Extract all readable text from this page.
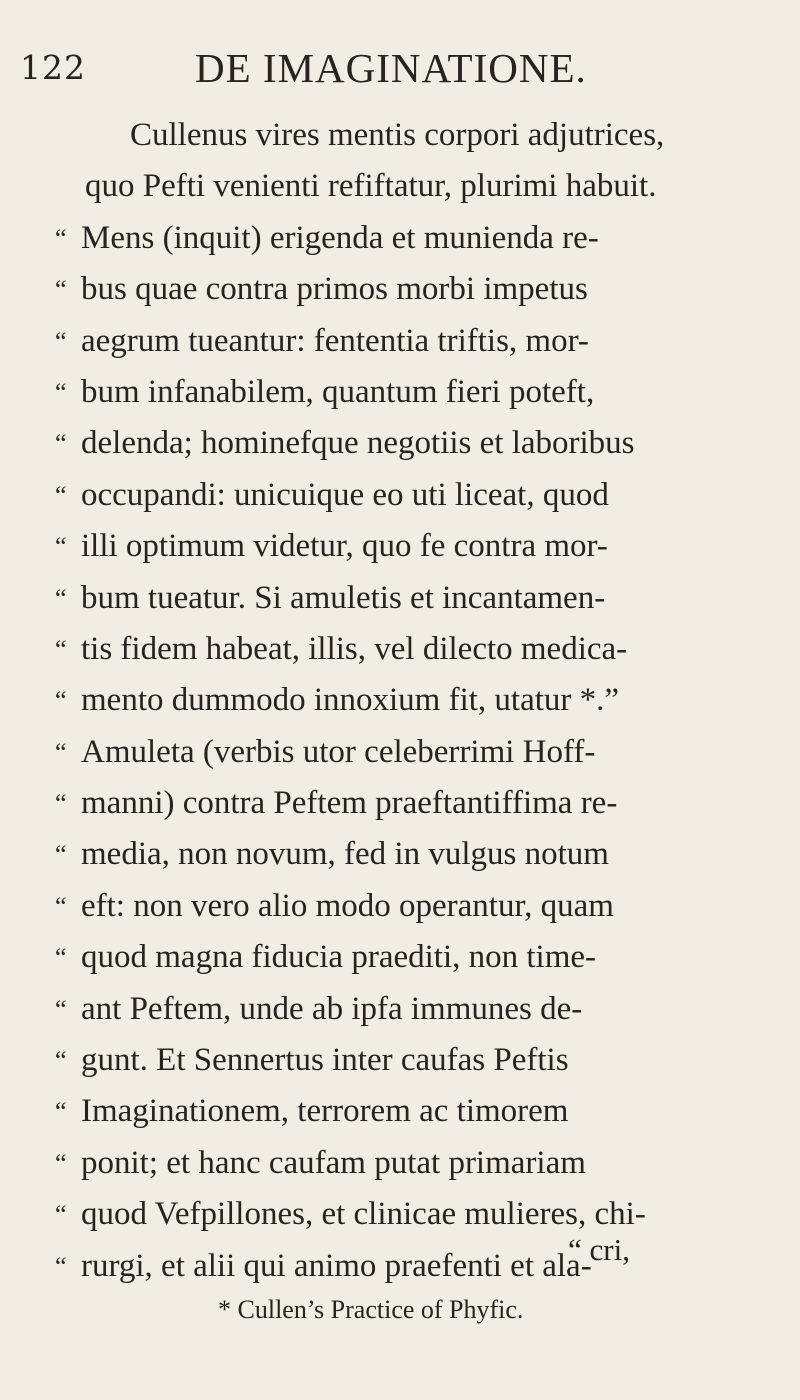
122	DE IMAGINATIONE.
Cullenus vires mentis corpori adjutrices,
quo Pefti venienti refiftatur, plurimi habuit.
“ Mens (inquit) erigenda et munienda re-
“ bus quae contra primos morbi impetus
“ aegrum tueantur: fententia triftis, mor-
“ bum infanabilem, quantum fieri poteft,
“ delenda; hominefque negotiis et laboribus
“ occupandi: unicuique eo uti liceat, quod
“ illi optimum videtur, quo fe contra mor-
“ bum tueatur. Si amuletis et incantamen-
“ tis fidem habeat, illis, vel dilecto medica-
“ mento dummodo innoxium fit, utatur *.”
“ Amuleta (verbis utor celeberrimi Hoff-
“ manni) contra Peftem praeftantiffima re-
“ media, non novum, fed in vulgus notum
“ eft: non vero alio modo operantur, quam
“ quod magna fiducia praediti, non time-
“ ant Peftem, unde ab ipfa immunes de-
“ gunt. Et Sennertus inter caufas Peftis
“ Imaginationem, terrorem ac timorem
“ ponit; et hanc caufam putat primariam
“ quod Vefpillones, et clinicae mulieres, chi-
“ rurgi, et alii qui animo praefenti et ala-
“ cri,
* Cullen’s Practice of Phyfic.
